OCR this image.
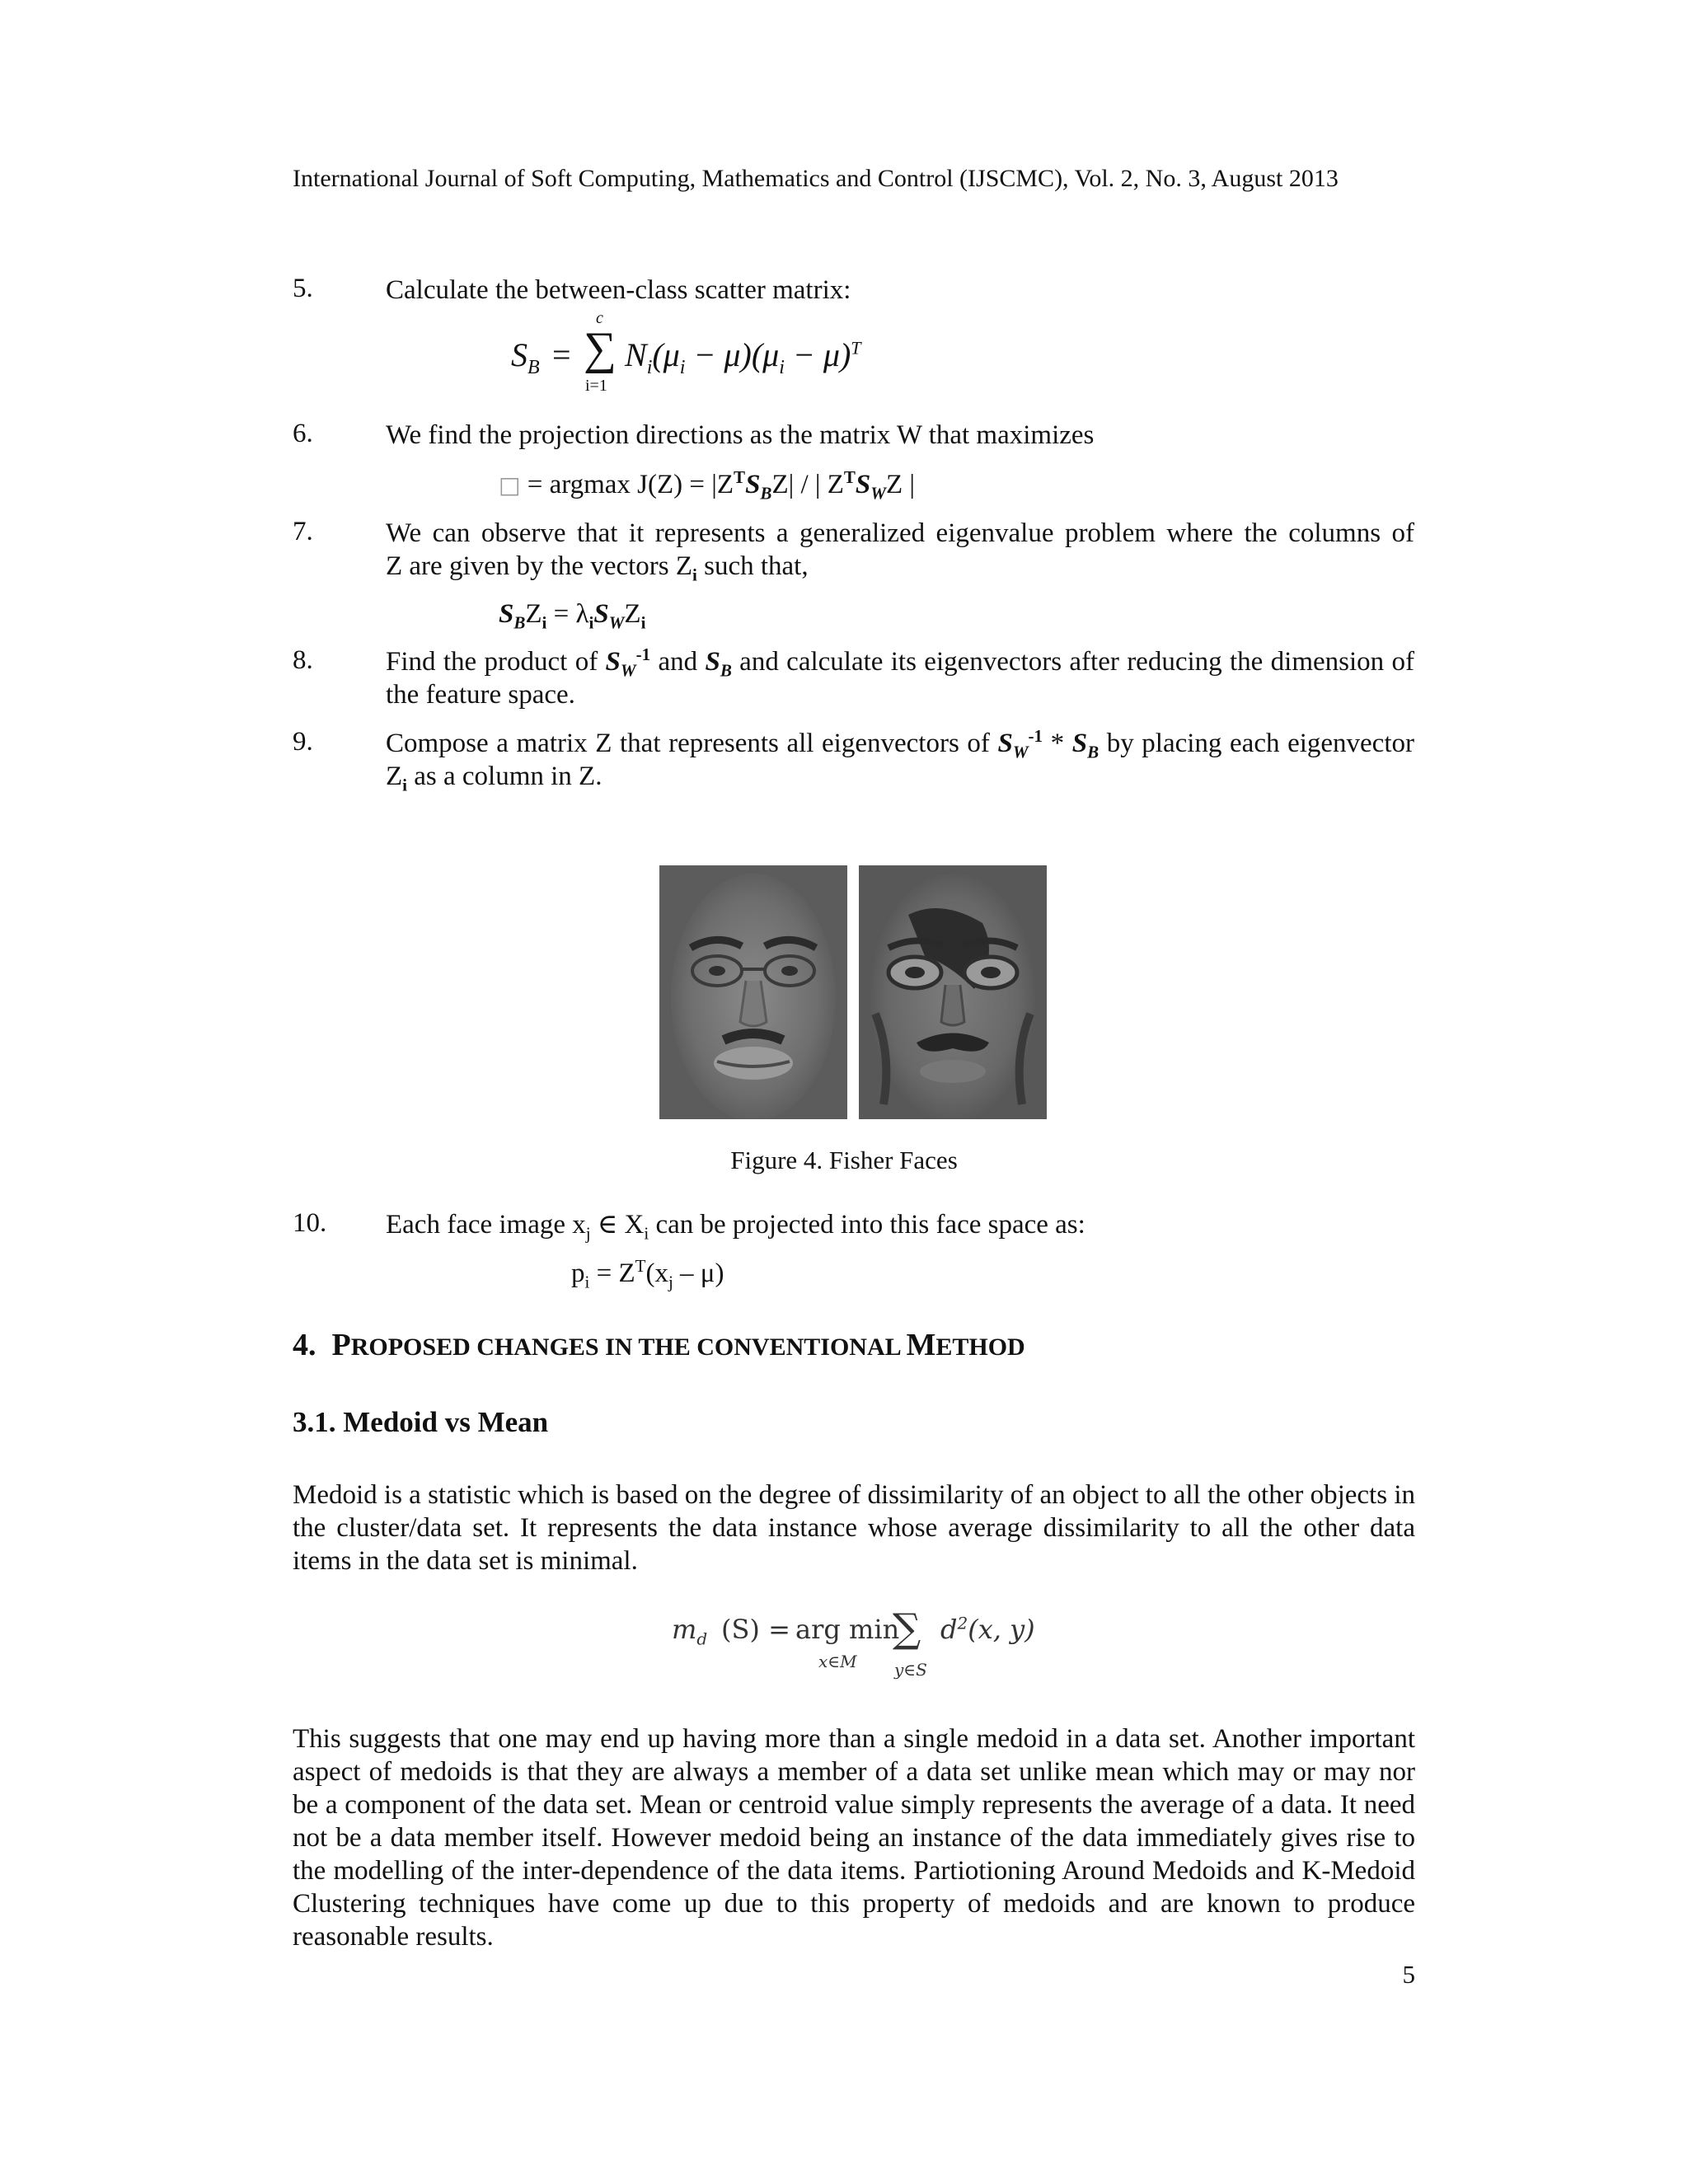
International Journal of Soft Computing, Mathematics and Control (IJSCMC), Vol. 2, No. 3, August 2013
5.	Calculate the between-class scatter matrix:
$S_B$ =
c
∑
i=1
$N_i(\mu_i - \mu)(\mu_i - \mu)^T$
6.	We find the projection directions as the matrix W that maximizes
□ = argmax $J(Z) = |Z^TS_BZ|$ / | $Z^TS_WZ$ |
7.	We can observe that it represents a generalized eigenvalue problem where the columns of
Z are given by the vectors $Z_i$ such that,
$S_BZ_i = \lambda_iS_WZ_i$
8.	Find the product of $S_W^{-1}$ and $S_B$ and calculate its eigenvectors after reducing the dimension of the feature space.
9.	Compose a matrix Z that represents all eigenvectors of $S_W^{-1} * S_B$ by placing each eigenvector $Z_i$ as a column in Z.
Figure 4. Fisher Faces
10. Each face image $x_j$ ∈ $X_i$ can be projected into this face space as:
$p_i = Z^T(x_j - \mu)$
4. PROPOSED CHANGES IN THE CONVENTIONAL METHOD
3.1. Medoid vs Mean
Medoid is a statistic which is based on the degree of dissimilarity of an object to all the other objects in the cluster/data set. It represents the data instance whose average dissimilarity to all the other data items in the data set is minimal.
$m_d$ (S) = arg min
x∈M
∑
y∈S
$d^2(x$, y)
This suggests that one may end up having more than a single medoid in a data set. Another important aspect of medoids is that they are always a member of a data set unlike mean which may or may nor be a component of the data set. Mean or centroid value simply represents the average of a data. It need not be a data member itself. However medoid being an instance of the data immediately gives rise to the modelling of the inter-dependence of the data items. Partiotioning Around Medoids and K-Medoid Clustering techniques have come up due to this property of medoids and are known to produce reasonable results.
5
